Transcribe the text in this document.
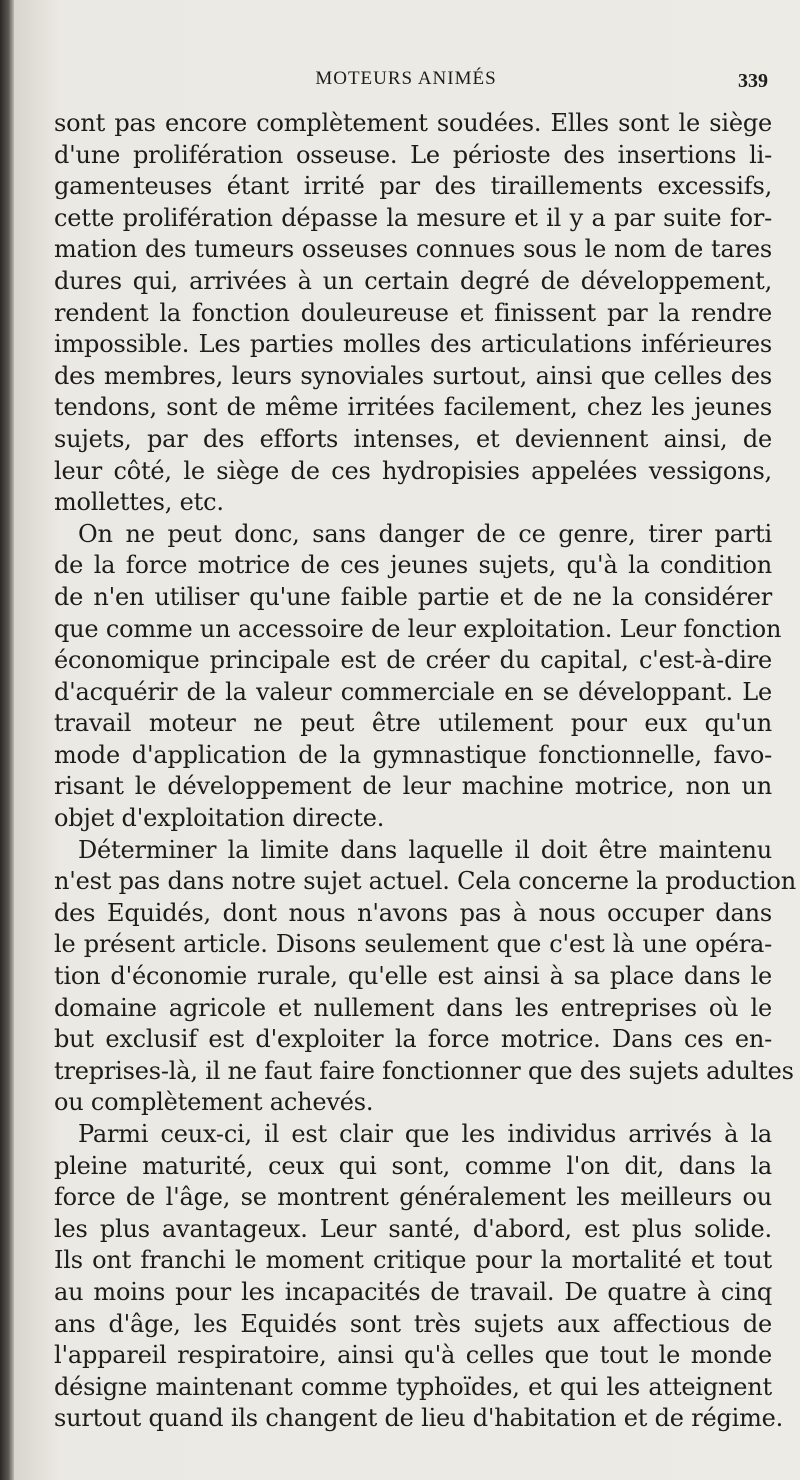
MOTEURS ANIMÉS	339
sont pas encore complètement soudées. Elles sont le siège
d'une prolifération osseuse. Le périoste des insertions li-
gamenteuses étant irrité par des tiraillements excessifs,
cette prolifération dépasse la mesure et il y a par suite for-
mation des tumeurs osseuses connues sous le nom de tares
dures qui, arrivées à un certain degré de développement,
rendent la fonction douleureuse et finissent par la rendre
impossible. Les parties molles des articulations inférieures
des membres, leurs synoviales surtout, ainsi que celles des
tendons, sont de même irritées facilement, chez les jeunes
sujets, par des efforts intenses, et deviennent ainsi, de
leur côté, le siège de ces hydropisies appelées vessigons,
mollettes, etc.
On ne peut donc, sans danger de ce genre, tirer parti
de la force motrice de ces jeunes sujets, qu'à la condition
de n'en utiliser qu'une faible partie et de ne la considérer
que comme un accessoire de leur exploitation. Leur fonction
économique principale est de créer du capital, c'est-à-dire
d'acquérir de la valeur commerciale en se développant. Le
travail moteur ne peut être utilement pour eux qu'un
mode d'application de la gymnastique fonctionnelle, favo-
risant le développement de leur machine motrice, non un
objet d'exploitation directe.
Déterminer la limite dans laquelle il doit être maintenu
n'est pas dans notre sujet actuel. Cela concerne la production
des Equidés, dont nous n'avons pas à nous occuper dans
le présent article. Disons seulement que c'est là une opéra-
tion d'économie rurale, qu'elle est ainsi à sa place dans le
domaine agricole et nullement dans les entreprises où le
but exclusif est d'exploiter la force motrice. Dans ces en-
treprises-là, il ne faut faire fonctionner que des sujets adultes
ou complètement achevés.
Parmi ceux-ci, il est clair que les individus arrivés à la
pleine maturité, ceux qui sont, comme l'on dit, dans la
force de l'âge, se montrent généralement les meilleurs ou
les plus avantageux. Leur santé, d'abord, est plus solide.
Ils ont franchi le moment critique pour la mortalité et tout
au moins pour les incapacités de travail. De quatre à cinq
ans d'âge, les Equidés sont très sujets aux affectious de
l'appareil respiratoire, ainsi qu'à celles que tout le monde
désigne maintenant comme typhoïdes, et qui les atteignent
surtout quand ils changent de lieu d'habitation et de régime.
